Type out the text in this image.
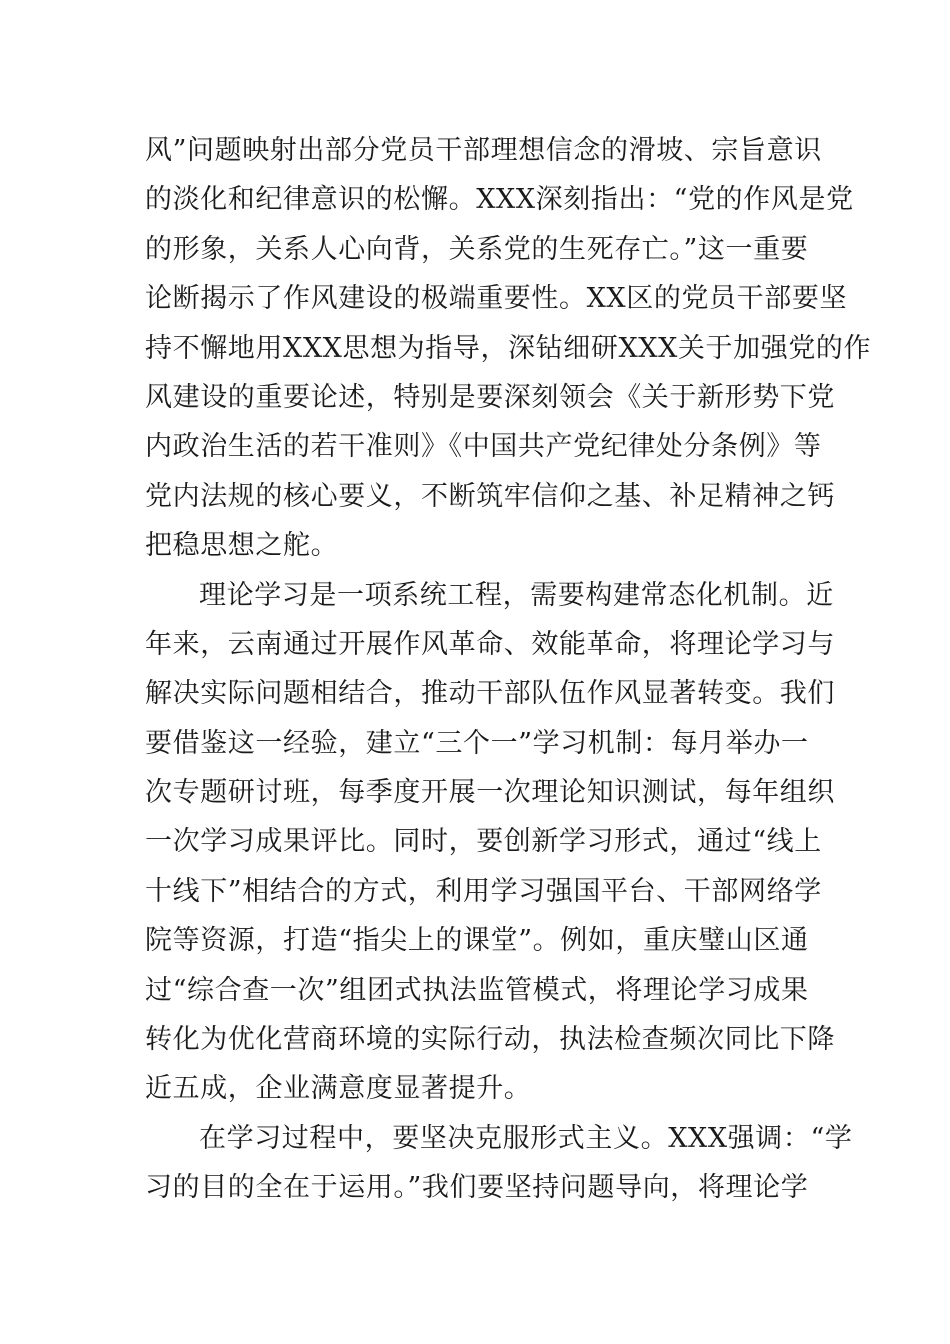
风”问题映射出部分党员干部理想信念的滑坡、宗旨意识
的淡化和纪律意识的松懈。XXX深刻指出：“党的作风是党
的形象，关系人心向背，关系党的生死存亡。”这一重要
论断揭示了作风建设的极端重要性。XX区的党员干部要坚
持不懈地用XXX思想为指导，深钻细研XXX关于加强党的作
风建设的重要论述，特别是要深刻领会《关于新形势下党
内政治生活的若干准则》《中国共产党纪律处分条例》等
党内法规的核心要义，不断筑牢信仰之基、补足精神之钙
把稳思想之舵。
理论学习是一项系统工程，需要构建常态化机制。近
年来，云南通过开展作风革命、效能革命，将理论学习与
解决实际问题相结合，推动干部队伍作风显著转变。我们
要借鉴这一经验，建立“三个一”学习机制：每月举办一
次专题研讨班，每季度开展一次理论知识测试，每年组织
一次学习成果评比。同时，要创新学习形式，通过“线上
十线下”相结合的方式，利用学习强国平台、干部网络学
院等资源，打造“指尖上的课堂”。例如，重庆璧山区通
过“综合查一次”组团式执法监管模式，将理论学习成果
转化为优化营商环境的实际行动，执法检查频次同比下降
近五成，企业满意度显著提升。
在学习过程中，要坚决克服形式主义。XXX强调：“学
习的目的全在于运用。”我们要坚持问题导向，将理论学
